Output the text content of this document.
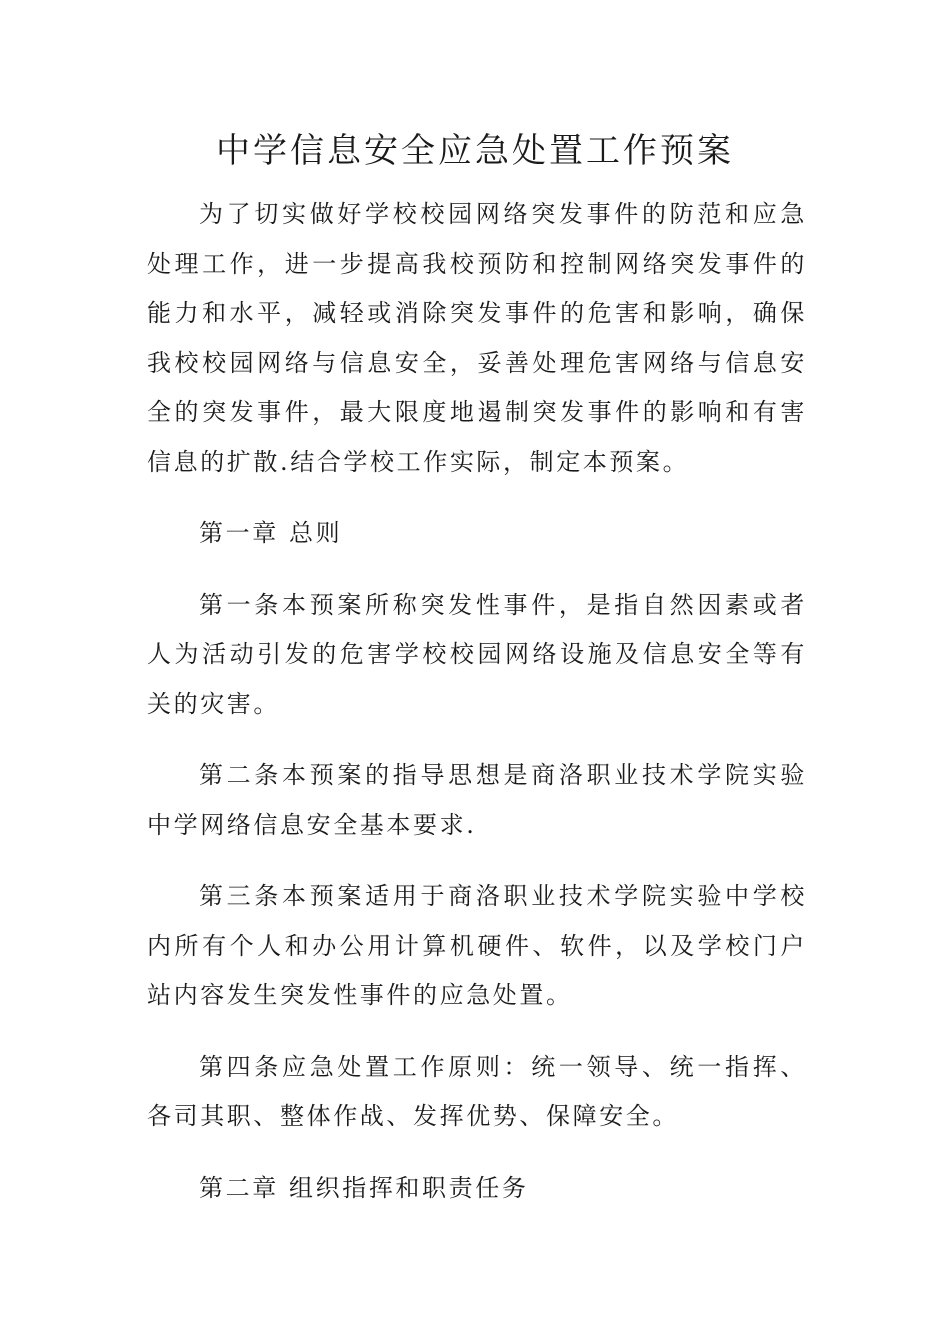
中学信息安全应急处置工作预案

为了切实做好学校校园网络突发事件的防范和应急处理工作，进一步提高我校预防和控制网络突发事件的能力和水平，减轻或消除突发事件的危害和影响，确保我校校园网络与信息安全，妥善处理危害网络与信息安全的突发事件，最大限度地遏制突发事件的影响和有害信息的扩散.结合学校工作实际，制定本预案。

第一章 总则

第一条本预案所称突发性事件，是指自然因素或者人为活动引发的危害学校校园网络设施及信息安全等有关的灾害。

第二条本预案的指导思想是商洛职业技术学院实验中学网络信息安全基本要求.

第三条本预案适用于商洛职业技术学院实验中学校内所有个人和办公用计算机硬件、软件，以及学校门户站内容发生突发性事件的应急处置。

第四条应急处置工作原则：统一领导、统一指挥、各司其职、整体作战、发挥优势、保障安全。

第二章 组织指挥和职责任务
